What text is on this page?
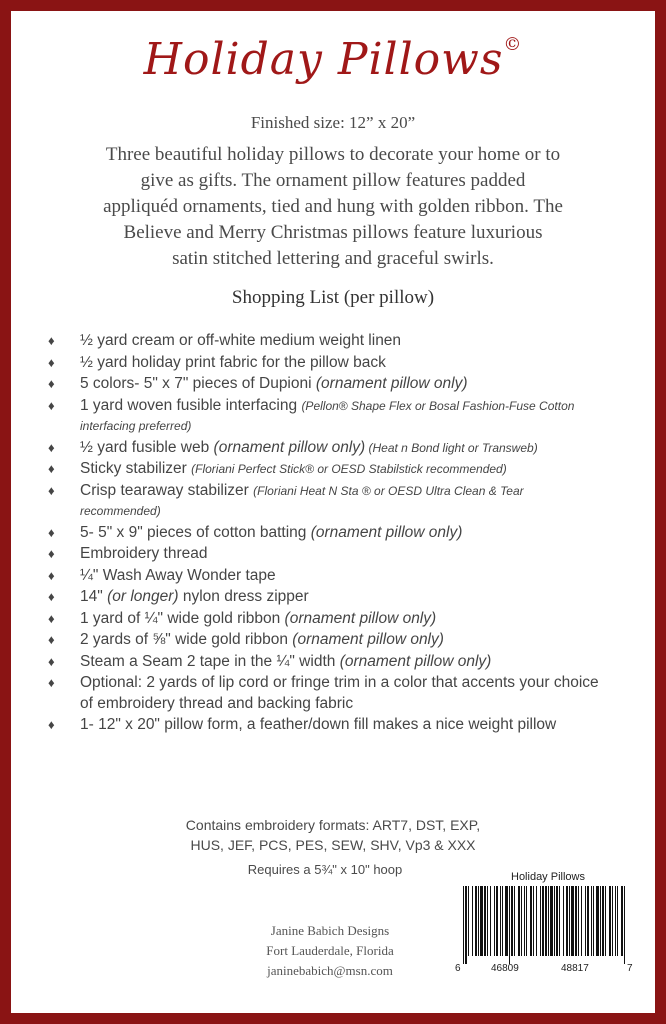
Holiday Pillows©
Finished size: 12” x 20”
Three beautiful holiday pillows to decorate your home or to
give as gifts. The ornament pillow features padded
appliquéd ornaments, tied and hung with golden ribbon. The
Believe and Merry Christmas pillows feature luxurious
satin stitched lettering and graceful swirls.
Shopping List (per pillow)
♦ ½ yard cream or off-white medium weight linen
♦ ½ yard holiday print fabric for the pillow back
♦ 5 colors- 5" x 7" pieces of Dupioni (ornament pillow only)
♦ 1 yard woven fusible interfacing (Pellon® Shape Flex or Bosal Fashion-Fuse Cotton interfacing preferred)
♦ ½ yard fusible web (ornament pillow only) (Heat n Bond light or Transweb)
♦ Sticky stabilizer (Floriani Perfect Stick® or OESD Stabilstick recommended)
♦ Crisp tearaway stabilizer (Floriani Heat N Sta ® or OESD Ultra Clean & Tear recommended)
♦ 5- 5" x 9" pieces of cotton batting (ornament pillow only)
♦ Embroidery thread
♦ ¼" Wash Away Wonder tape
♦ 14" (or longer) nylon dress zipper
♦ 1 yard of ¼" wide gold ribbon (ornament pillow only)
♦ 2 yards of ⅝" wide gold ribbon (ornament pillow only)
♦ Steam a Seam 2 tape in the ¼" width (ornament pillow only)
♦ Optional: 2 yards of lip cord or fringe trim in a color that accents your choice of embroidery thread and backing fabric
♦ 1- 12" x 20" pillow form, a feather/down fill makes a nice weight pillow
Contains embroidery formats: ART7, DST, EXP,
HUS, JEF, PCS, PES, SEW, SHV, Vp3 & XXX
Requires a 5¾" x 10" hoop
Janine Babich Designs
Fort Lauderdale, Florida
janinebabich@msn.com
Holiday Pillows
6	46809	48817	7
